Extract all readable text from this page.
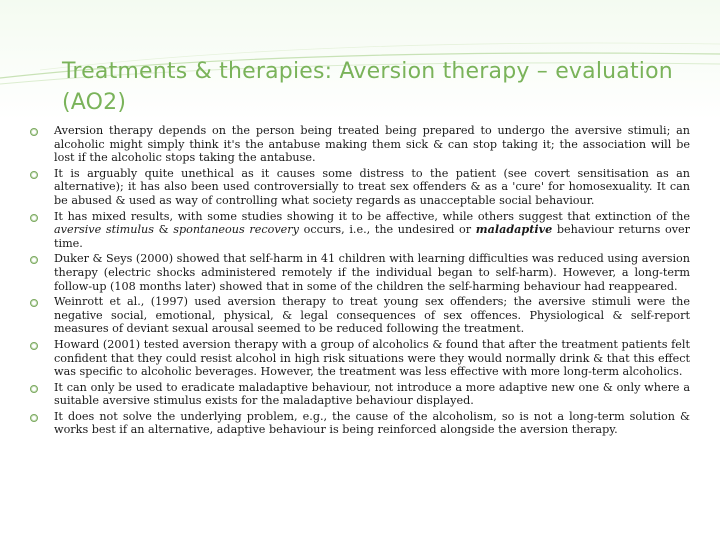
Treatments & therapies: Aversion therapy – evaluation (AO2)
Aversion therapy depends on the person being treated being prepared to undergo the aversive stimuli; an alcoholic might simply think it's the antabuse making them sick & can stop taking it; the association will be lost if the alcoholic stops taking the antabuse.
It is arguably quite unethical as it causes some distress to the patient (see covert sensitisation as an alternative); it has also been used controversially to treat sex offenders & as a 'cure' for homosexuality. It can be abused & used as way of controlling what society regards as unacceptable social behaviour.
It has mixed results, with some studies showing it to be affective, while others suggest that extinction of the aversive stimulus & spontaneous recovery occurs, i.e., the undesired or maladaptive behaviour returns over time.
Duker & Seys (2000) showed that self-harm in 41 children with learning difficulties was reduced using aversion therapy (electric shocks administered remotely if the individual began to self-harm). However, a long-term follow-up (108 months later) showed that in some of the children the self-harming behaviour had reappeared.
Weinrott et al., (1997) used aversion therapy to treat young sex offenders; the aversive stimuli were the negative social, emotional, physical, & legal consequences of sex offences. Physiological & self-report measures of deviant sexual arousal seemed to be reduced following the treatment.
Howard (2001) tested aversion therapy with a group of alcoholics & found that after the treatment patients felt confident that they could resist alcohol in high risk situations were they would normally drink & that this effect was specific to alcoholic beverages. However, the treatment was less effective with more long-term alcoholics.
It can only be used to eradicate maladaptive behaviour, not introduce a more adaptive new one & only where a suitable aversive stimulus exists for the maladaptive behaviour displayed.
It does not solve the underlying problem, e.g., the cause of the alcoholism, so is not a long-term solution & works best if an alternative, adaptive behaviour is being reinforced alongside the aversion therapy.
